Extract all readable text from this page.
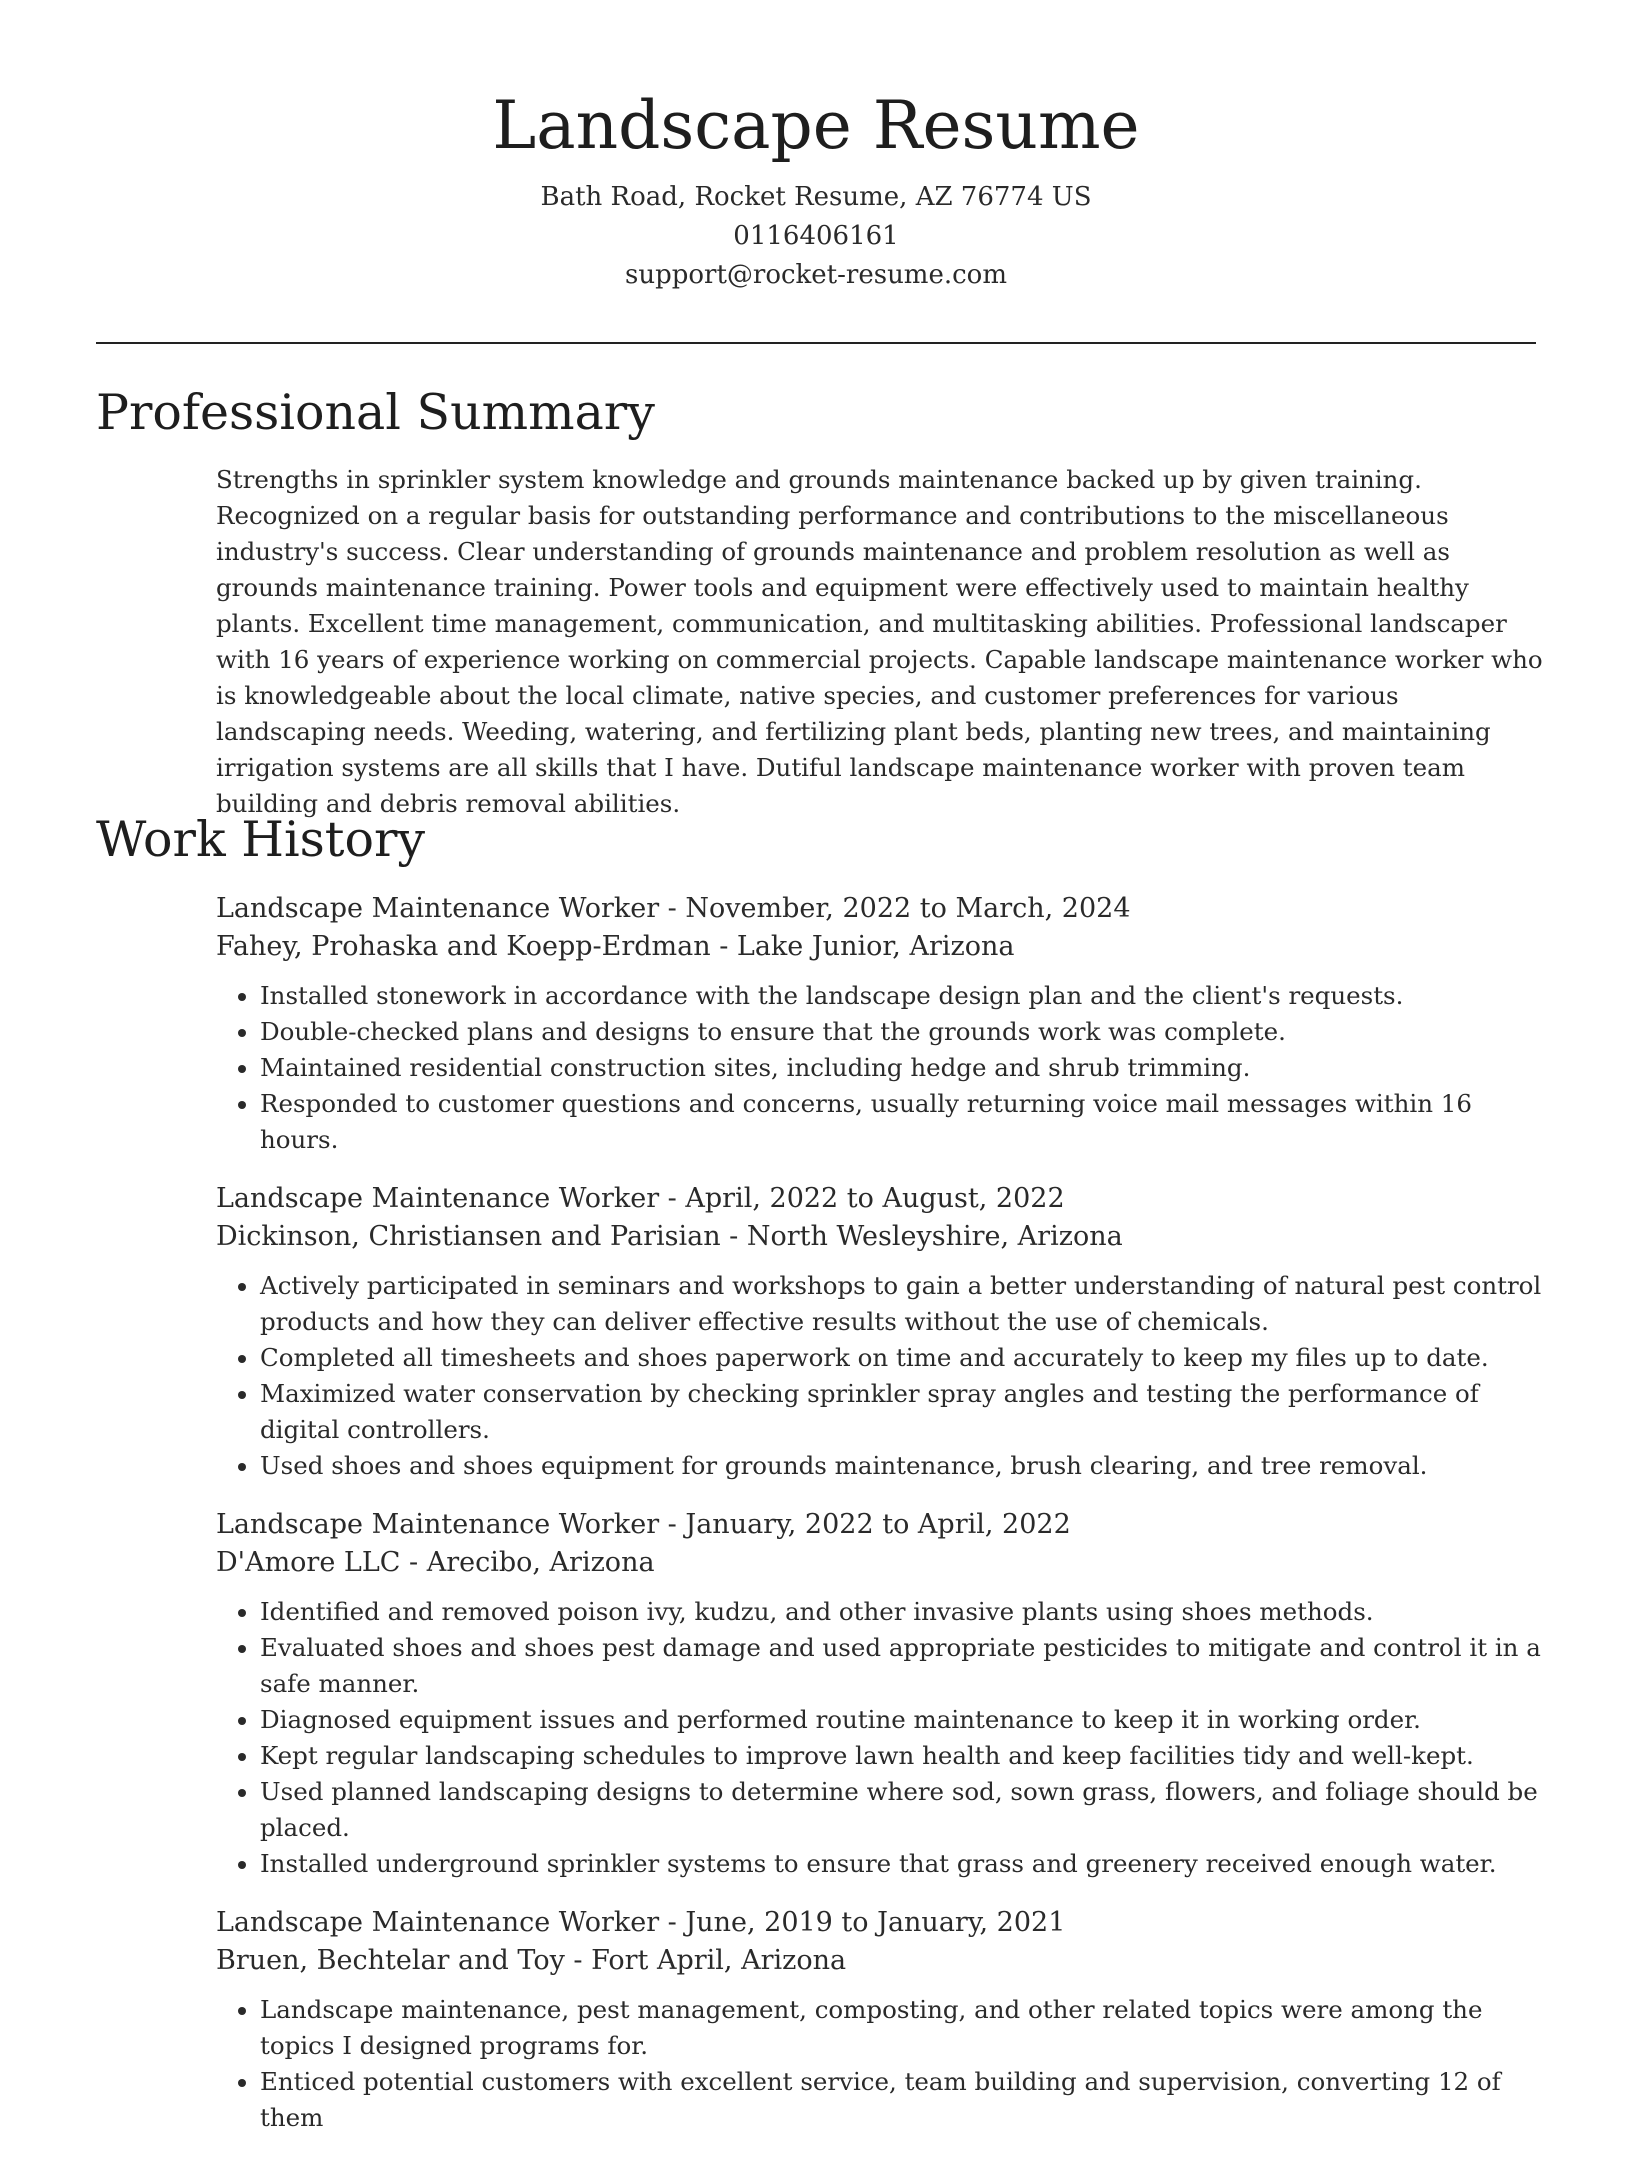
Landscape Resume
Bath Road, Rocket Resume, AZ 76774 US
0116406161
support@rocket-resume.com
Professional Summary
Strengths in sprinkler system knowledge and grounds maintenance backed up by given training. Recognized on a regular basis for outstanding performance and contributions to the miscellaneous industry's success. Clear understanding of grounds maintenance and problem resolution as well as grounds maintenance training. Power tools and equipment were effectively used to maintain healthy plants. Excellent time management, communication, and multitasking abilities. Professional landscaper with 16 years of experience working on commercial projects. Capable landscape maintenance worker who is knowledgeable about the local climate, native species, and customer preferences for various landscaping needs. Weeding, watering, and fertilizing plant beds, planting new trees, and maintaining irrigation systems are all skills that I have. Dutiful landscape maintenance worker with proven team building and debris removal abilities.
Work History
Landscape Maintenance Worker - November, 2022 to March, 2024
Fahey, Prohaska and Koepp-Erdman - Lake Junior, Arizona
• Installed stonework in accordance with the landscape design plan and the client's requests.
• Double-checked plans and designs to ensure that the grounds work was complete.
• Maintained residential construction sites, including hedge and shrub trimming.
• Responded to customer questions and concerns, usually returning voice mail messages within 16 hours.
Landscape Maintenance Worker - April, 2022 to August, 2022
Dickinson, Christiansen and Parisian - North Wesleyshire, Arizona
• Actively participated in seminars and workshops to gain a better understanding of natural pest control products and how they can deliver effective results without the use of chemicals.
• Completed all timesheets and shoes paperwork on time and accurately to keep my files up to date.
• Maximized water conservation by checking sprinkler spray angles and testing the performance of digital controllers.
• Used shoes and shoes equipment for grounds maintenance, brush clearing, and tree removal.
Landscape Maintenance Worker - January, 2022 to April, 2022
D'Amore LLC - Arecibo, Arizona
• Identified and removed poison ivy, kudzu, and other invasive plants using shoes methods.
• Evaluated shoes and shoes pest damage and used appropriate pesticides to mitigate and control it in a safe manner.
• Diagnosed equipment issues and performed routine maintenance to keep it in working order.
• Kept regular landscaping schedules to improve lawn health and keep facilities tidy and well-kept.
• Used planned landscaping designs to determine where sod, sown grass, flowers, and foliage should be placed.
• Installed underground sprinkler systems to ensure that grass and greenery received enough water.
Landscape Maintenance Worker - June, 2019 to January, 2021
Bruen, Bechtelar and Toy - Fort April, Arizona
• Landscape maintenance, pest management, composting, and other related topics were among the topics I designed programs for.
• Enticed potential customers with excellent service, team building and supervision, converting 12 of them
